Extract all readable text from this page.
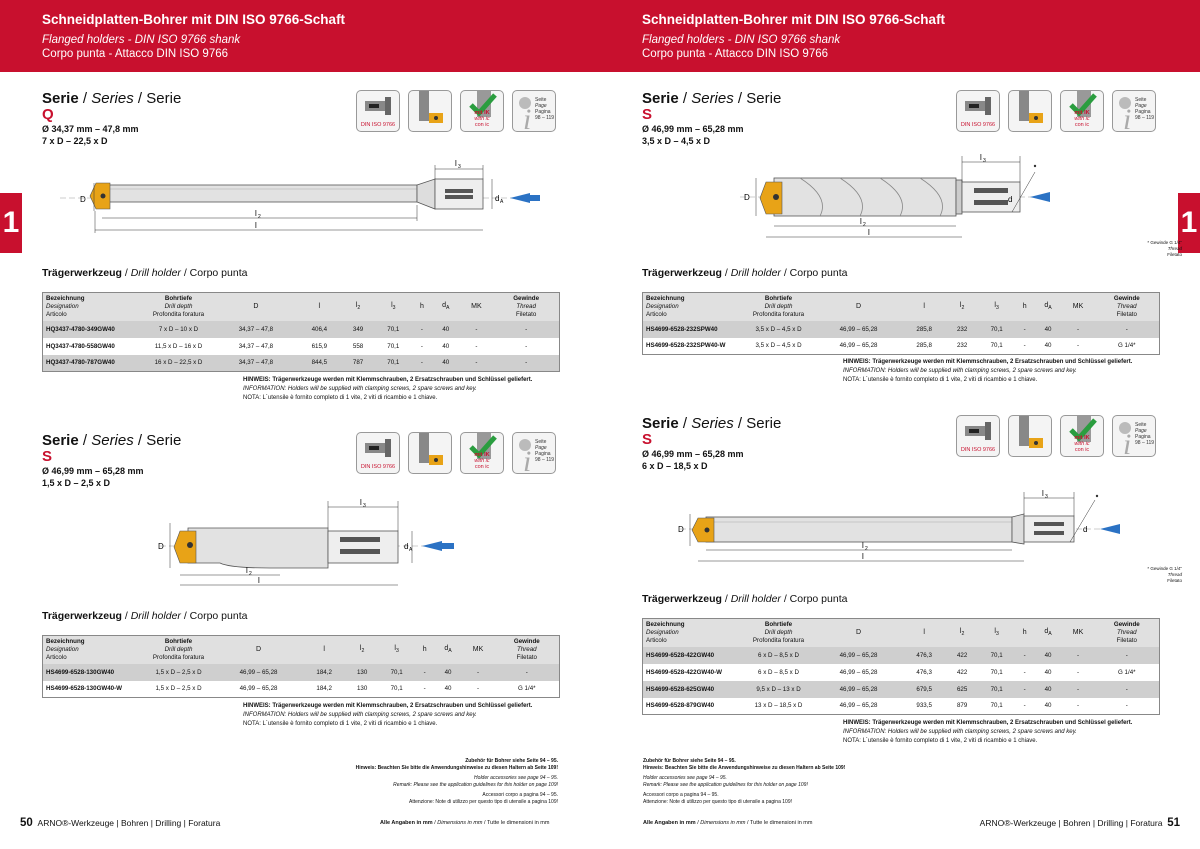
Schneidplatten-Bohrer mit DIN ISO 9766-Schaft
Flanged holders - DIN ISO 9766 shank
Corpo punta - Attacco DIN ISO 9766
1
Serie / Series / Serie
Q
Ø 34,37 mm – 47,8 mm
7 x D – 22,5 x D
DIN ISO 9766
mit IK
with ic
con ic	i
Seite
Page
Pagina
98 – 119
D	d A
l 3
l 2
l
Trägerwerkzeug / Drill holder / Corpo punta
Bezeichnung
Designation
Articolo	Bohrtiefe
Drill depth
Profondita foratura	D	l	$l_2$	$l_3$	h	$d_A$	MK	Gewinde
Thread
Filetato

HQ3437-4780-349GW40	7 x D – 10 x D	34,37 – 47,8	406,4	349	70,1	-	40	-	-
HQ3437-4780-558GW40	11,5 x D – 16 x D	34,37 – 47,8	615,9	558	70,1	-	40	-	-
HQ3437-4780-787GW40	16 x D – 22,5 x D	34,37 – 47,8	844,5	787	70,1	-	40	-	-
HINWEIS: Trägerwerkzeuge werden mit Klemmschrauben, 2 Ersatzschrauben und Schlüssel geliefert.
INFORMATION: Holders will be supplied with clamping screws, 2 spare screws and key.
NOTA: L´utensile è fornito completo di 1 vite, 2 viti di ricambio e 1 chiave.
Serie / Series / Serie
S
Ø 46,99 mm – 65,28 mm
1,5 x D – 2,5 x D
DIN ISO 9766
mit IK
with ic
con ic	i
Seite
Page
Pagina
98 – 119
D	d A
l 3
l 2
l
Trägerwerkzeug / Drill holder / Corpo punta
Bezeichnung
Designation
Articolo	Bohrtiefe
Drill depth
Profondita foratura	D	l	$l_2$	$l_3$	h	$d_A$	MK	Gewinde
Thread
Filetato

HS4699-6528-130GW40	1,5 x D – 2,5 x D	46,99 – 65,28	184,2	130	70,1	-	40	-	-
HS4699-6528-130GW40-W	1,5 x D – 2,5 x D	46,99 – 65,28	184,2	130	70,1	-	40	-	G 1/4*
HINWEIS: Trägerwerkzeuge werden mit Klemmschrauben, 2 Ersatzschrauben und Schlüssel geliefert.
INFORMATION: Holders will be supplied with clamping screws, 2 spare screws and key.
NOTA: L´utensile è fornito completo di 1 vite, 2 viti di ricambio e 1 chiave.
Zubehör für Bohrer siehe Seite 94 – 95.
Hinweis: Beachten Sie bitte die Anwendungshinweise zu diesen Haltern ab Seite 109!
Holder accessories see page 94 – 95.
Remark: Please see the application guidelines for this holder on page 109!
Accessori corpo a pagina 94 – 95.
Attenzione: Note di utilizzo per questo tipo di utensile a pagina 109!
50 ARNO®-Werkzeuge | Bohren | Drilling | Foratura	Alle Angaben in mm / Dimensions in mm / Tutte le dimensioni in mm
Schneidplatten-Bohrer mit DIN ISO 9766-Schaft
Flanged holders - DIN ISO 9766 shank
Corpo punta - Attacco DIN ISO 9766
1
Serie / Series / Serie
S
Ø 46,99 mm – 65,28 mm
3,5 x D – 4,5 x D
DIN ISO 9766
mit IK
with ic
con ic	i
Seite
Page
Pagina
98 – 119
D
l 3
d
l 2
l
* Gewinde G 1/4"
Thread
Filetato
Trägerwerkzeug / Drill holder / Corpo punta
Bezeichnung
Designation
Articolo	Bohrtiefe
Drill depth
Profondita foratura	D	l	$l_2$	$l_3$	h	$d_A$	MK	Gewinde
Thread
Filetato

HS4699-6528-232SPW40	3,5 x D – 4,5 x D	46,99 – 65,28	285,8	232	70,1	-	40	-	-
HS4699-6528-232SPW40-W	3,5 x D – 4,5 x D	46,99 – 65,28	285,8	232	70,1	-	40	-	G 1/4*
HINWEIS: Trägerwerkzeuge werden mit Klemmschrauben, 2 Ersatzschrauben und Schlüssel geliefert.
INFORMATION: Holders will be supplied with clamping screws, 2 spare screws and key.
NOTA: L´utensile è fornito completo di 1 vite, 2 viti di ricambio e 1 chiave.
Serie / Series / Serie
S
Ø 46,99 mm – 65,28 mm
6 x D – 18,5 x D
DIN ISO 9766
mit IK
with ic
con ic	i
Seite
Page
Pagina
98 – 119
D
l 3
d
l 2
l
* Gewinde G 1/4"
Thread
Filetato
Trägerwerkzeug / Drill holder / Corpo punta
Bezeichnung
Designation
Articolo	Bohrtiefe
Drill depth
Profondita foratura	D	l	$l_2$	$l_3$	h	$d_A$	MK	Gewinde
Thread
Filetato

HS4699-6528-422GW40	6 x D – 8,5 x D	46,99 – 65,28	476,3	422	70,1	-	40	-	-
HS4699-6528-422GW40-W	6 x D – 8,5 x D	46,99 – 65,28	476,3	422	70,1	-	40	-	G 1/4*
HS4699-6528-625GW40	9,5 x D – 13 x D	46,99 – 65,28	679,5	625	70,1	-	40	-	-
HS4699-6528-879GW40	13 x D – 18,5 x D	46,99 – 65,28	933,5	879	70,1	-	40	-	-
HINWEIS: Trägerwerkzeuge werden mit Klemmschrauben, 2 Ersatzschrauben und Schlüssel geliefert.
INFORMATION: Holders will be supplied with clamping screws, 2 spare screws and key.
NOTA: L´utensile è fornito completo di 1 vite, 2 viti di ricambio e 1 chiave.
Zubehör für Bohrer siehe Seite 94 – 95.
Hinweis: Beachten Sie bitte die Anwendungshinweise zu diesen Haltern ab Seite 109!
Holder accessories see page 94 – 95.
Remark: Please see the application guidelines for this holder on page 109!
Accessori corpo a pagina 94 – 95.
Attenzione: Note di utilizzo per questo tipo di utensile a pagina 109!
Alle Angaben in mm / Dimensions in mm / Tutte le dimensioni in mm	ARNO®-Werkzeuge | Bohren | Drilling | Foratura 51
